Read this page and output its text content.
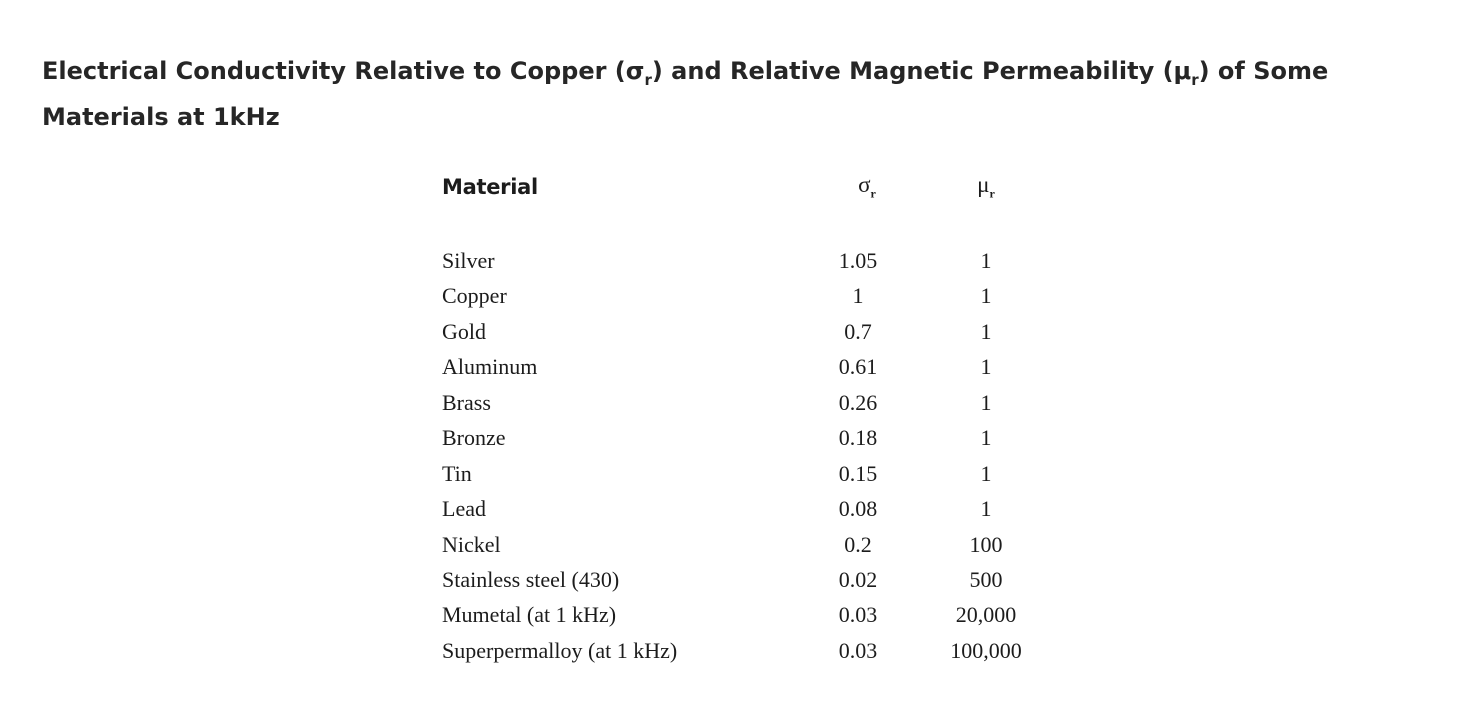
Electrical Conductivity Relative to Copper $(\sigma_r)$ and Relative Magnetic Permeability $(\mu_r)$ of Some Materials at 1kHz
Material	$\sigma_r$	$\mu_r$
Silver	1.05	1
Copper	1	1
Gold	0.7	1
Aluminum	0.61	1
Brass	0.26	1
Bronze	0.18	1
Tin	0.15	1
Lead	0.08	1
Nickel	0.2	100
Stainless steel (430)	0.02	500
Mumetal (at 1 kHz)	0.03	20,000
Superpermalloy (at 1 kHz)	0.03	100,000
